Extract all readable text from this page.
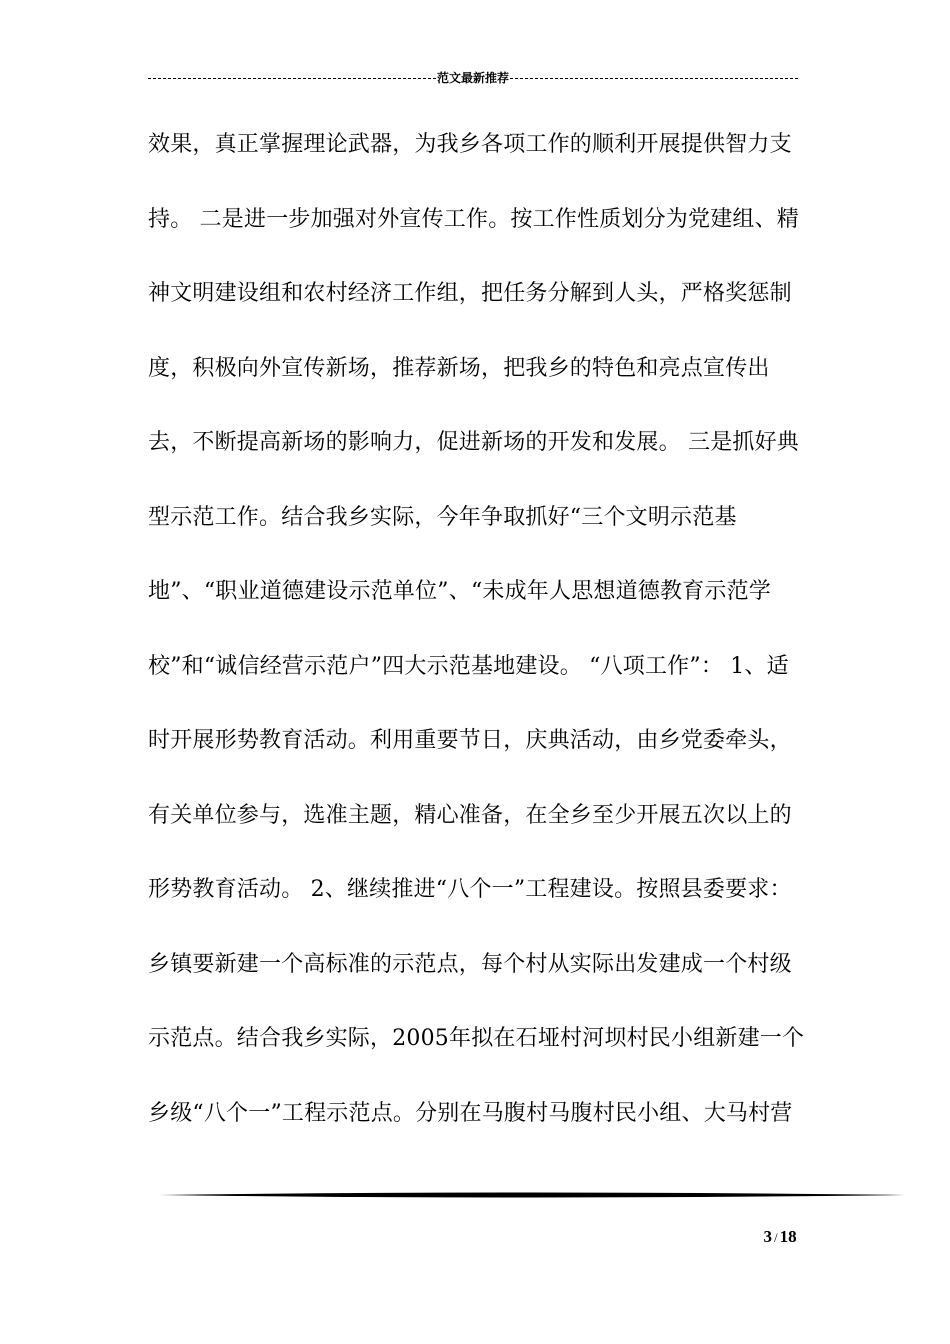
范文最新推荐
效果，真正掌握理论武器，为我乡各项工作的顺利开展提供智力支
持。 二是进一步加强对外宣传工作。按工作性质划分为党建组、精
神文明建设组和农村经济工作组，把任务分解到人头，严格奖惩制
度，积极向外宣传新场，推荐新场，把我乡的特色和亮点宣传出
去，不断提高新场的影响力，促进新场的开发和发展。 三是抓好典
型示范工作。结合我乡实际，今年争取抓好“三个文明示范基
地”、“职业道德建设示范单位”、“未成年人思想道德教育示范学
校”和“诚信经营示范户”四大示范基地建设。 “八项工作”： 1、适
时开展形势教育活动。利用重要节日，庆典活动，由乡党委牵头，
有关单位参与，选准主题，精心准备，在全乡至少开展五次以上的
形势教育活动。 2、继续推进“八个一”工程建设。按照县委要求：
乡镇要新建一个高标准的示范点，每个村从实际出发建成一个村级
示范点。结合我乡实际，2005年拟在石垭村河坝村民小组新建一个
乡级“八个一”工程示范点。分别在马腹村马腹村民小组、大马村营
3 / 18
